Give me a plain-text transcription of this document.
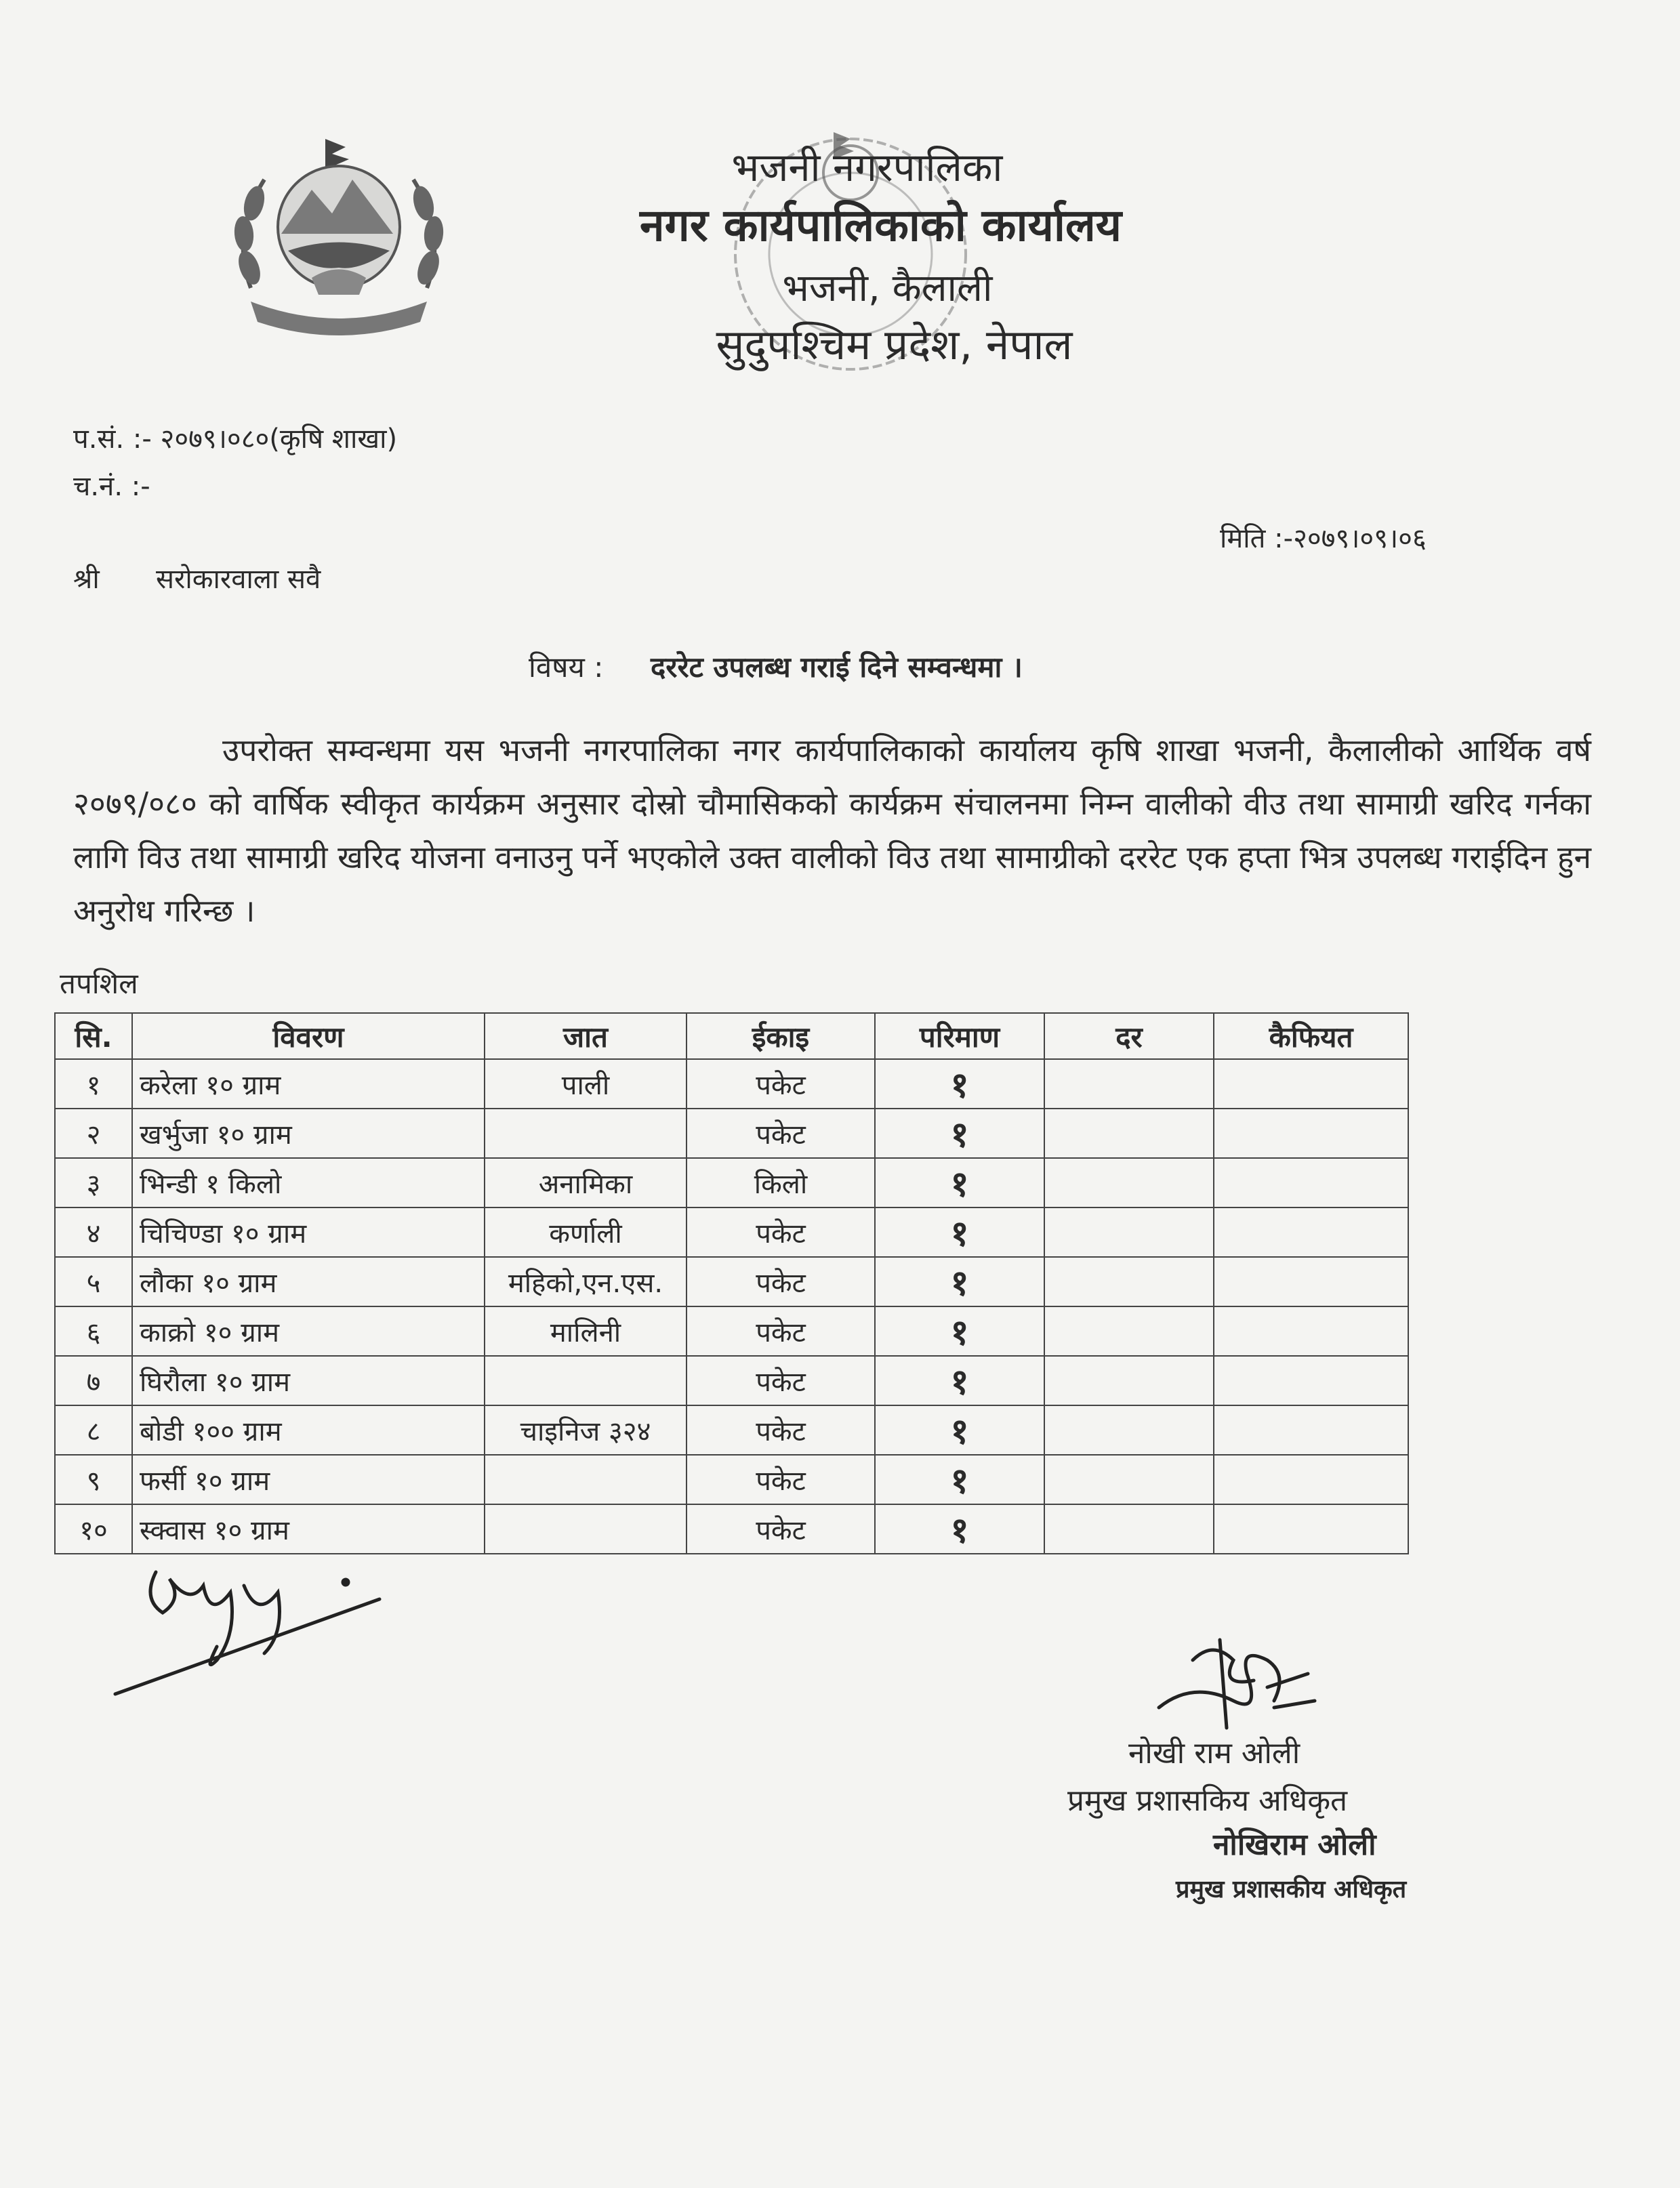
भजनी नगरपालिका
नगर कार्यपालिकाको कार्यालय
भजनी, कैलाली
सुदुपश्चिम प्रदेश, नेपाल
प.सं. :- २०७९।०८०(कृषि शाखा)
च.नं. :-
मिति :-२०७९।०९।०६
श्री सरोकारवाला सवै
विषय : दररेट उपलब्ध गराई दिने सम्वन्धमा ।
उपरोक्त सम्वन्धमा यस भजनी नगरपालिका नगर कार्यपालिकाको कार्यालय कृषि शाखा भजनी, कैलालीको आर्थिक वर्ष २०७९/०८० को वार्षिक स्वीकृत कार्यक्रम अनुसार दोस्रो चौमासिकको कार्यक्रम संचालनमा निम्न वालीको वीउ तथा सामाग्री खरिद गर्नका लागि विउ तथा सामाग्री खरिद योजना वनाउनु पर्ने भएकोले उक्त वालीको विउ तथा सामाग्रीको दररेट एक हप्ता भित्र उपलब्ध गराईदिन हुन अनुरोध गरिन्छ ।
तपशिल
सि.	विवरण	जात	ईकाइ	परिमाण	दर	कैफियत
१	करेला १० ग्राम	पाली	पकेट	१		
२	खर्भुजा १० ग्राम		पकेट	१		
३	भिन्डी १ किलो	अनामिका	किलो	१		
४	चिचिण्डा १० ग्राम	कर्णाली	पकेट	१		
५	लौका १० ग्राम	महिको,एन.एस.	पकेट	१		
६	काक्रो १० ग्राम	मालिनी	पकेट	१		
७	घिरौला १० ग्राम		पकेट	१		
८	बोडी १०० ग्राम	चाइनिज ३२४	पकेट	१		
९	फर्सी १० ग्राम		पकेट	१		
१०	स्क्वास १० ग्राम		पकेट	१		
नोखी राम ओली
प्रमुख प्रशासकिय अधिकृत
नोखिराम ओली
प्रमुख प्रशासकीय अधिकृत
